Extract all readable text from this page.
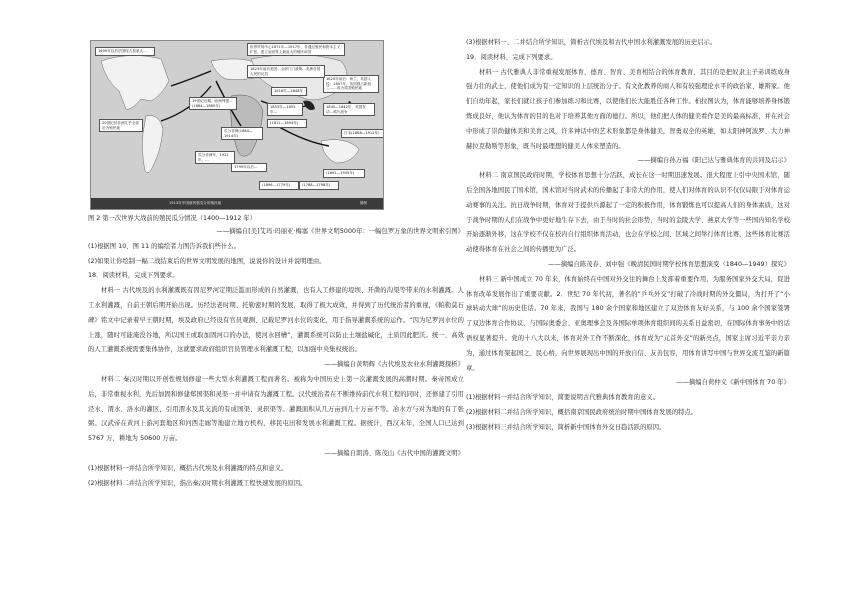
世界贸易中心1871年—1917年，各通过殖民和资本主义扩张，建立起世界上最庞大的殖民帝国
1820年前后：荷兰、英国入侵；1847年，英国强占新西兰……成为英国殖民地
1823年前后美国…全部门门政策…美洲各国人民的反抗
1600年以后法国侵占加拿大…
19世纪后期，欧洲列强…(1884—1885年)
20世纪初非洲几乎全部沦为殖民地
瓜分非洲(1884—1914年)
1840—1842年，英国发动…鸦片战争
1616年—1848年
1853年—1855年…
日本(1868—1912年)
(1611—1894年)
(1891—1945年)
(1788—1798年)
(1896—1779年)
1799年以后…
瓜分非洲年，1921年，…
1913年中国被列强瓜分的殖民地	图例

图 2 第一次世界大战前的殖民瓜分情况（1400—1912 年）

——摘编自[美]艾玛·玛丽亚·梅塞《世界文明5000年：一幅包罗万象的世界文明索引图》

(1)根据图 10、图 11 的编绘者力图告诉我们些什么。

(2)如果让你绘制一幅二战结束后的世界文明发展的地图，说说你的设计并说明理由。

18．阅读材料，完成下列要求。

材料一 古代埃及的水利灌溉既有因尼罗河定期泛滥而形成的自然灌溉，也有人工修建的堤坝、开凿的沟渠等带来的水利灌溉。人工水利灌溉，自前王朝后期开始出现。历经法老时期、托勒密时期的发展，取得了极大成效，并得到了历代统治者的重视，《帕勒莫石碑》铭文中记录着早王朝时期，埃及政府已经设有官员观测、记载尼罗河水位的变化，用于指导灌溉系统的运作。“因为尼罗河水位的上涨，随时可能淹没谷地，所以国王或取加固河口的办法，使河水回槽”，灌溉系统可以防止土壤盐碱化，土质因此肥沃。统一、高效的人工灌溉系统需要集体协作，这就要求政府组织官员管理水利灌溉工程，以加强中央集权统治。

——摘编自黄明辉《古代埃及农业水利灌溉探析》

材料二 秦汉时期以开创性规划修建一些大型水利灌溉工程而著名。被称为中国历史上第一次灌溉发展的高潮时期。秦帝国成立后，非常重视水利，先后加固和修建郑国渠和灵渠一并申请有为灌溉工程。汉代统治者在不断维持前代水利工程的同时，还修建了引用泾水、渭水、洛水的灌区，引用渭水及其支流的有成国渠、灵轵渠等。灌溉面积从几万亩到几十万亩不等。冶水方与对为地的有了张弼。汉武帝在黄河上游河套地区和河西走廊等地建立地方机构，移民屯田和发展水利灌溉工程。据统计，西汉末年，全国人口已达到 5767 万，耕地为 50600 万亩。

——摘编自朗涛、陈茂山《古代中国的灌溉文明》

(1)根据材料一并结合所学知识，概括古代埃及水利灌溉的特点和意义。

(2)根据材料二并结合所学知识，指出秦汉时期水利灌溉工程快速发展的原因。

(3)根据材料一、二并结合所学知识，简析古代埃及和古代中国水利灌溉发展的历史启示。

19．阅读材料，完成下列要求。

材料一 古代雅典人非常重视发展体育，德育、智育、美育相结合的体育教育，其目的是把奴隶主子弟训练成身强力壮的武士，使他们成为有一定知识的上层统治分子。有文化教养的商人和有较强理论水平的政治家、雄辩家。他们自幼年起，家长们就让孩子们参加练习和比赛，以使他们长大能胜任各种工作。柏拉图认为，体育能够培养身体锻炼成良好，他认为体育的目的也对于培养其他方面的德行。所以，他们把人体的健美看作是美的最高标准，并在社会中形成了崇尚健体美和美育之风，许多神话中的艺术形象都是身体健美，智勇双全的英雄，如太阳神阿波罗、大力神赫拉克勒斯等形象，既当时最理想的健美人体来塑造的。

——摘编自孙万福《阳已达与雅典体育的共同及启示》

材料二 南京国民政府时期，学校体育思想十分活跃，成长在这一时期迅速发展。很大程度上引中央国术馆，随后全国各地国民了国术馆，国术馆对当时武术的传播起了非常大的作用，使人们对体育的认识不仅仅局限于对体育运动赛事的关注。抗日战争时期，体育对于提供兵源起了一定的积极作用，体育锻炼也可以提高人们的身体素质，这对于战争时期的人们在战争中更好地生存下去，由于当时的社会形势，当时的金陵大学、燕京大学等一些国内知名学校开始逐渐外移，这在学校不仅在校内自行组织体育活动，也会在学校之间、区域之间举行体育比赛，这些体育比赛活动使得体育在社会之间的传播更为广泛。

——摘编自陈茂春、刘中强《晚清民国时期学校体育思想演变（1840—1949）探究》

材料三 新中国成立 70 年来，体育始终在中国对外交往的舞台上发挥着重要作用，为服务国家外交大局，促进体育改革发展作出了重要贡献。2．世纪 70 年代初，著名的“乒乓外交”打破了冷战时期的外交僵局，为打开了“小球转动大球”的历史佳话。70 年来，我国与 180 余个国家和地区建立了双边体育友好关系，与 100 余个国家签署了双边体育合作协议，与国际奥委会、亚奥理事会及各国际单项体育组织间的关系日益密切，在国际体育事务中的话语权显著提升。党的十八大以来，体育对外工作不断深化，体育成为“元首外交”的新亮点，国家主席习近平亲力亲为，通过体育架起国之、民心桥，向世界展现出中国的开放自信、友善包容，用体育讲写中国与世界交流互鉴的新篇章。

——摘编自荷仲义《新中国体育 70 年》

(1)根据材料一并结合所学知识，简要说明古代雅典体育教育的意义。

(2)根据材料二并结合所学知识，概括南京国民政府统治时期中国体育发展的特点。

(3)根据材料三并结合所学知识，简析新中国体育外交日趋活跃的原因。
